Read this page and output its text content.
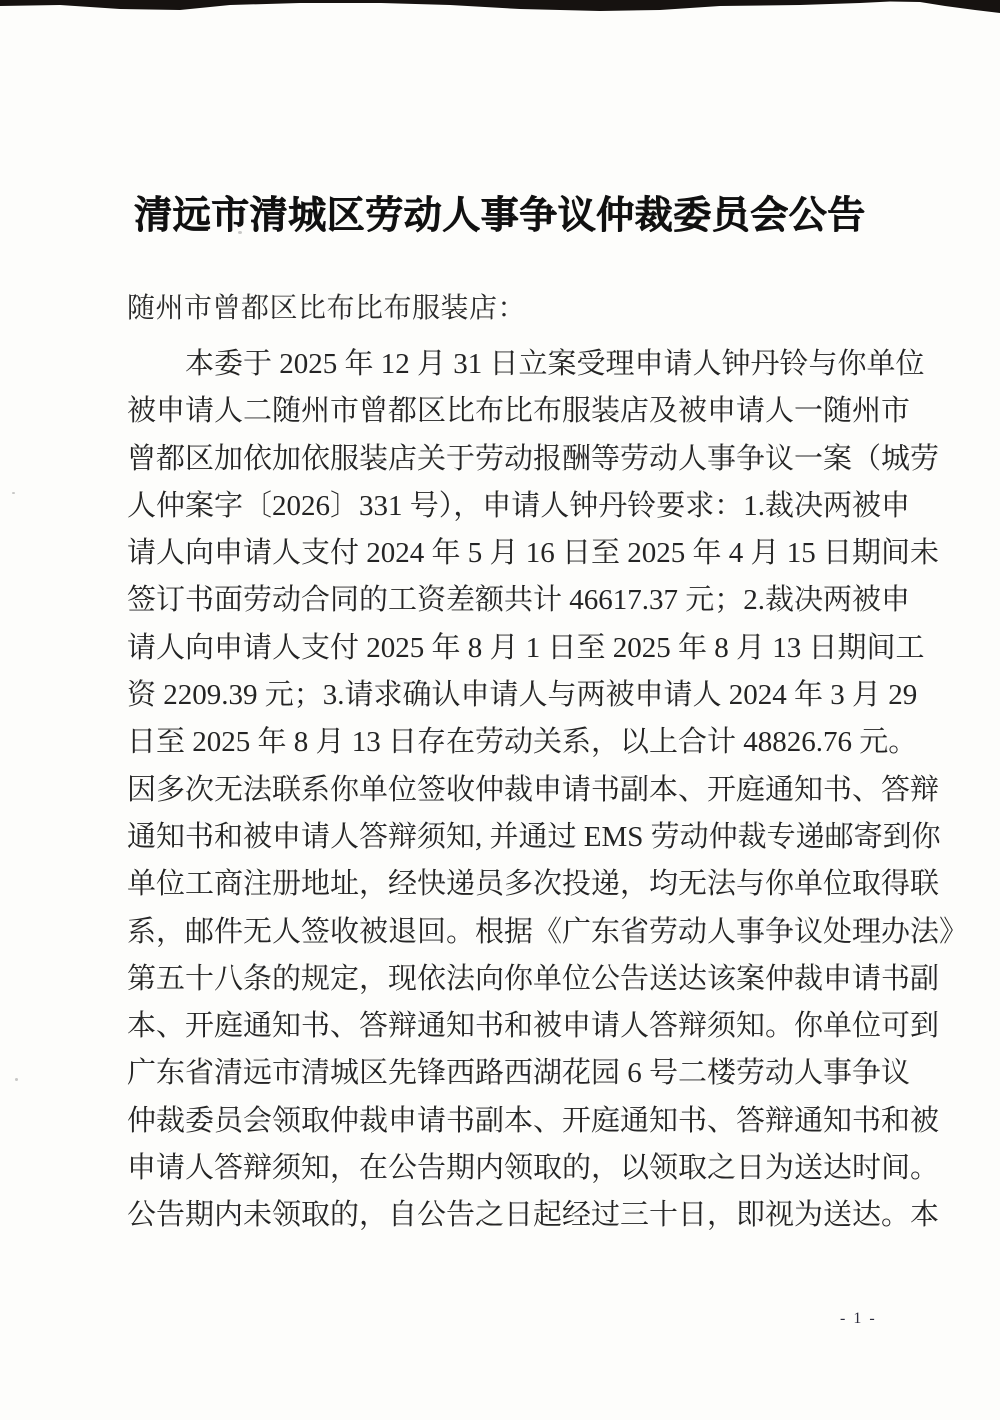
清远市清城区劳动人事争议仲裁委员会公告
随州市曾都区比布比布服装店：
本委于 2025 年 12 月 31 日立案受理申请人钟丹铃与你单位
被申请人二随州市曾都区比布比布服装店及被申请人一随州市
曾都区加依加依服装店关于劳动报酬等劳动人事争议一案（城劳
人仲案字〔2026〕331 号），申请人钟丹铃要求：1.裁决两被申
请人向申请人支付 2024 年 5 月 16 日至 2025 年 4 月 15 日期间未
签订书面劳动合同的工资差额共计 46617.37 元；2.裁决两被申
请人向申请人支付 2025 年 8 月 1 日至 2025 年 8 月 13 日期间工
资 2209.39 元；3.请求确认申请人与两被申请人 2024 年 3 月 29
日至 2025 年 8 月 13 日存在劳动关系，以上合计 48826.76 元。
因多次无法联系你单位签收仲裁申请书副本、开庭通知书、答辩
通知书和被申请人答辩须知, 并通过 EMS 劳动仲裁专递邮寄到你
单位工商注册地址，经快递员多次投递，均无法与你单位取得联
系，邮件无人签收被退回。根据《广东省劳动人事争议处理办法》
第五十八条的规定，现依法向你单位公告送达该案仲裁申请书副
本、开庭通知书、答辩通知书和被申请人答辩须知。你单位可到
广东省清远市清城区先锋西路西湖花园 6 号二楼劳动人事争议
仲裁委员会领取仲裁申请书副本、开庭通知书、答辩通知书和被
申请人答辩须知，在公告期内领取的，以领取之日为送达时间。
公告期内未领取的，自公告之日起经过三十日，即视为送达。本
- 1 -
